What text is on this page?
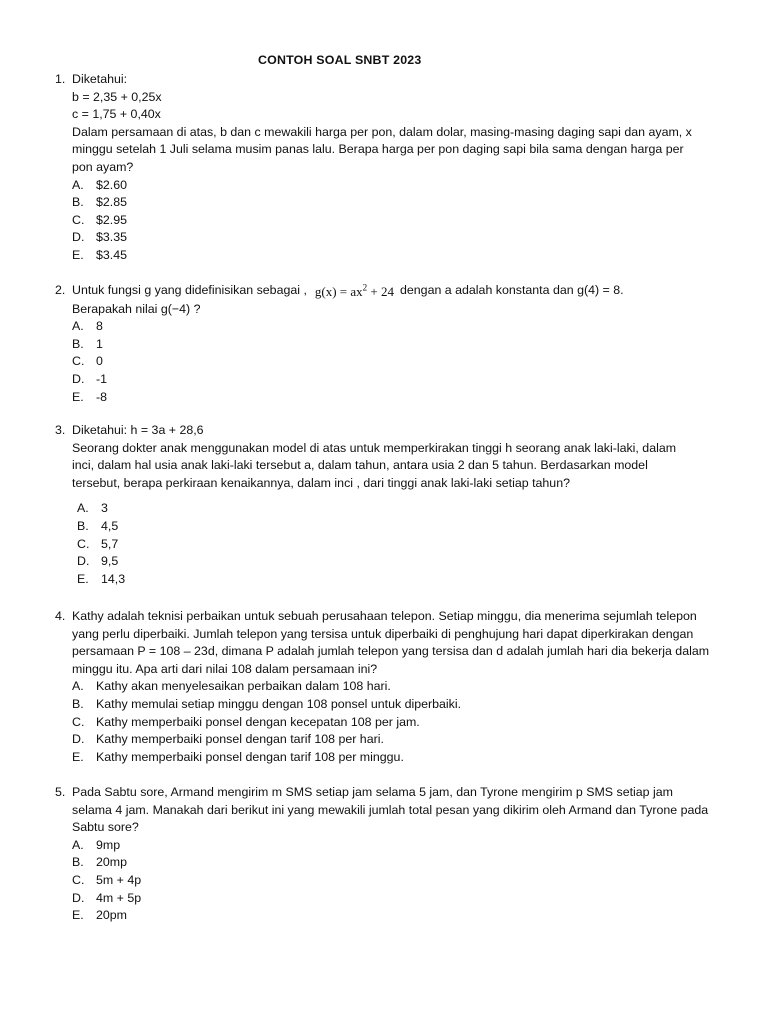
CONTOH SOAL SNBT 2023
1. Diketahui:
b = 2,35 + 0,25x
c = 1,75 + 0,40x
Dalam persamaan di atas, b dan c mewakili harga per pon, dalam dolar, masing-masing daging sapi dan ayam, x minggu setelah 1 Juli selama musim panas lalu. Berapa harga per pon daging sapi bila sama dengan harga per pon ayam?
A. $2.60
B. $2.85
C. $2.95
D. $3.35
E. $3.45
2. Untuk fungsi g yang didefinisikan sebagai , $g(x) = ax^2 + 24$ dengan a adalah konstanta dan g(4) = 8.
Berapakah nilai g(−4) ?
A. 8
B. 1
C. 0
D. -1
E. -8
3. Diketahui: h = 3a + 28,6
Seorang dokter anak menggunakan model di atas untuk memperkirakan tinggi h seorang anak laki-laki, dalam inci, dalam hal usia anak laki-laki tersebut a, dalam tahun, antara usia 2 dan 5 tahun. Berdasarkan model tersebut, berapa perkiraan kenaikannya, dalam inci , dari tinggi anak laki-laki setiap tahun?
A. 3
B. 4,5
C. 5,7
D. 9,5
E. 14,3
4. Kathy adalah teknisi perbaikan untuk sebuah perusahaan telepon. Setiap minggu, dia menerima sejumlah telepon yang perlu diperbaiki. Jumlah telepon yang tersisa untuk diperbaiki di penghujung hari dapat diperkirakan dengan persamaan P = 108 – 23d, dimana P adalah jumlah telepon yang tersisa dan d adalah jumlah hari dia bekerja dalam minggu itu. Apa arti dari nilai 108 dalam persamaan ini?
A. Kathy akan menyelesaikan perbaikan dalam 108 hari.
B. Kathy memulai setiap minggu dengan 108 ponsel untuk diperbaiki.
C. Kathy memperbaiki ponsel dengan kecepatan 108 per jam.
D. Kathy memperbaiki ponsel dengan tarif 108 per hari.
E. Kathy memperbaiki ponsel dengan tarif 108 per minggu.
5. Pada Sabtu sore, Armand mengirim m SMS setiap jam selama 5 jam, dan Tyrone mengirim p SMS setiap jam selama 4 jam. Manakah dari berikut ini yang mewakili jumlah total pesan yang dikirim oleh Armand dan Tyrone pada Sabtu sore?
A. 9mp
B. 20mp
C. 5m + 4p
D. 4m + 5p
E. 20pm
